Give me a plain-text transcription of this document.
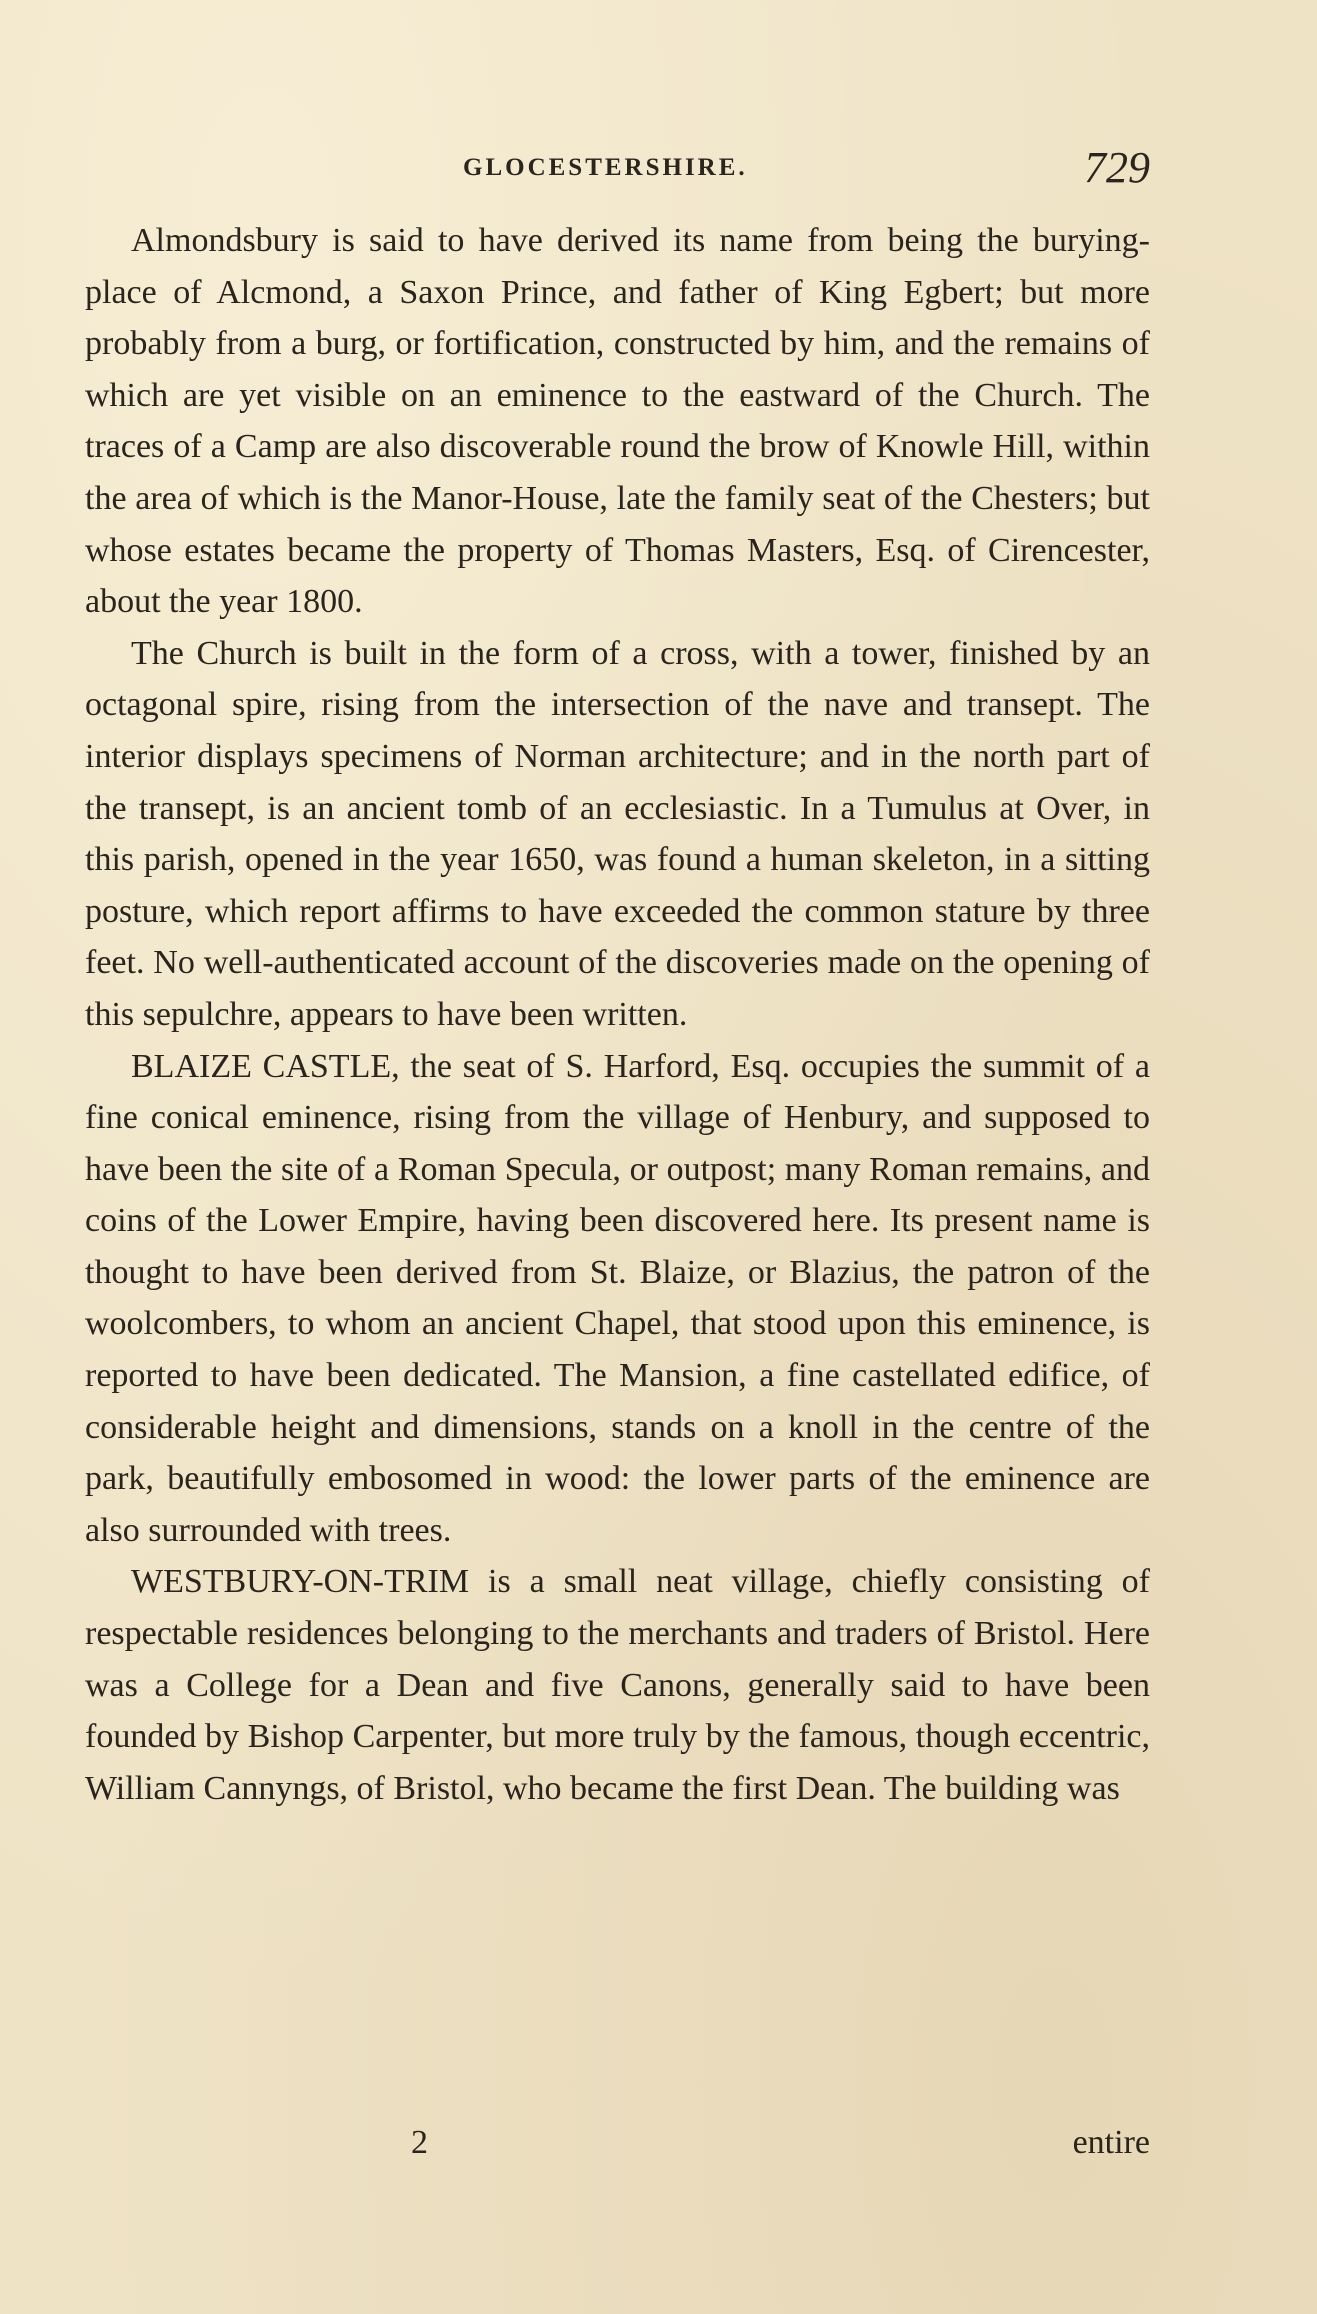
GLOCESTERSHIRE.	729

Almondsbury is said to have derived its name from being the burying-place of Alcmond, a Saxon Prince, and father of King Egbert; but more probably from a burg, or fortification, constructed by him, and the remains of which are yet visible on an eminence to the eastward of the Church. The traces of a Camp are also discoverable round the brow of Knowle Hill, within the area of which is the Manor-House, late the family seat of the Chesters; but whose estates became the property of Thomas Masters, Esq. of Cirencester, about the year 1800.

The Church is built in the form of a cross, with a tower, finished by an octagonal spire, rising from the intersection of the nave and transept. The interior displays specimens of Norman architecture; and in the north part of the transept, is an ancient tomb of an ecclesiastic. In a Tumulus at Over, in this parish, opened in the year 1650, was found a human skeleton, in a sitting posture, which report affirms to have exceeded the common stature by three feet. No well-authenticated account of the discoveries made on the opening of this sepulchre, appears to have been written.

BLAIZE CASTLE, the seat of S. Harford, Esq. occupies the summit of a fine conical eminence, rising from the village of Henbury, and supposed to have been the site of a Roman Specula, or outpost; many Roman remains, and coins of the Lower Empire, having been discovered here. Its present name is thought to have been derived from St. Blaize, or Blazius, the patron of the woolcombers, to whom an ancient Chapel, that stood upon this eminence, is reported to have been dedicated. The Mansion, a fine castellated edifice, of considerable height and dimensions, stands on a knoll in the centre of the park, beautifully embosomed in wood: the lower parts of the eminence are also surrounded with trees.

WESTBURY-ON-TRIM is a small neat village, chiefly consisting of respectable residences belonging to the merchants and traders of Bristol. Here was a College for a Dean and five Canons, generally said to have been founded by Bishop Carpenter, but more truly by the famous, though eccentric, William Cannyngs, of Bristol, who became the first Dean. The building was

2	entire
